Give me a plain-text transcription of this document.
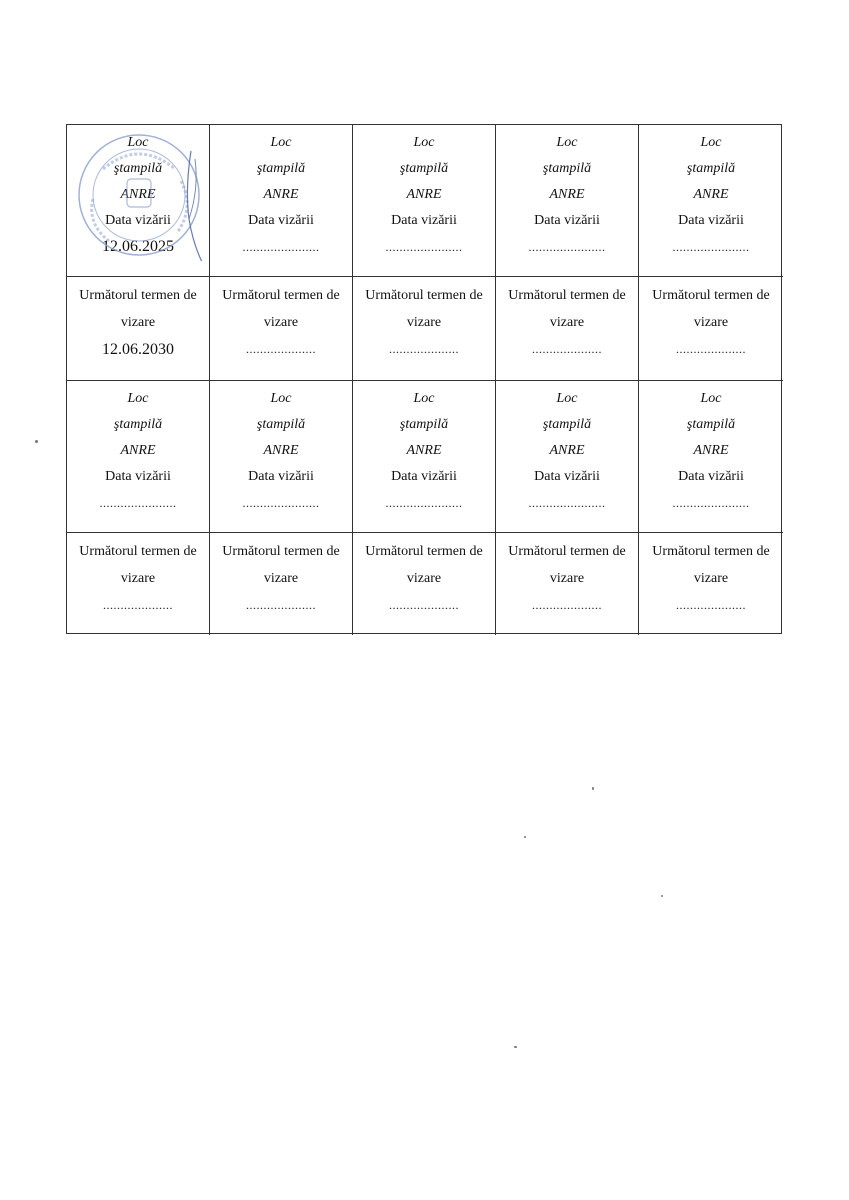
Loc
ştampilă
ANRE
Data vizării
12.06.2025
Loc
ştampilă
ANRE
Data vizării
......................
Loc
ştampilă
ANRE
Data vizării
......................
Loc
ştampilă
ANRE
Data vizării
......................
Loc
ştampilă
ANRE
Data vizării
......................
Următorul termen de
vizare
12.06.2030
Următorul termen de
vizare
....................
Următorul termen de
vizare
....................
Următorul termen de
vizare
....................
Următorul termen de
vizare
....................
Loc
ştampilă
ANRE
Data vizării
......................
Loc
ştampilă
ANRE
Data vizării
......................
Loc
ştampilă
ANRE
Data vizării
......................
Loc
ştampilă
ANRE
Data vizării
......................
Loc
ştampilă
ANRE
Data vizării
......................
Următorul termen de
vizare
....................
Următorul termen de
vizare
....................
Următorul termen de
vizare
....................
Următorul termen de
vizare
....................
Următorul termen de
vizare
....................
